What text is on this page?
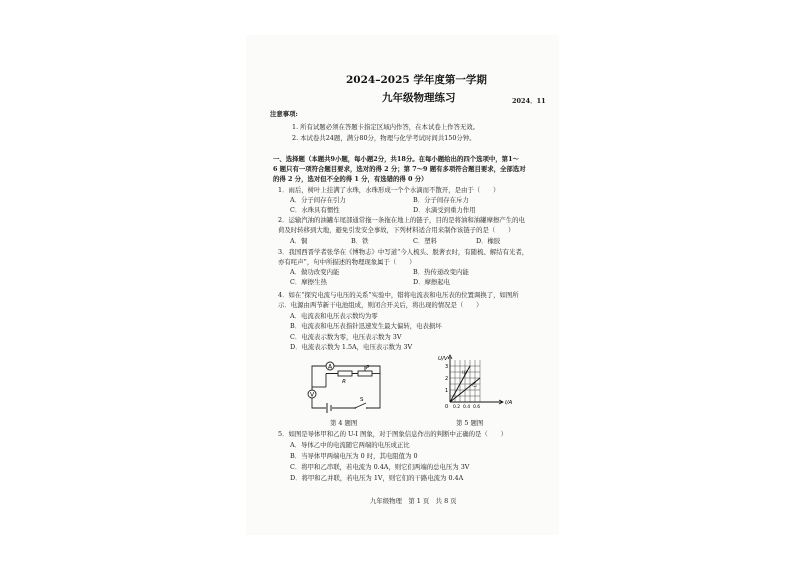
2024–2025 学年度第一学期
九年级物理练习	2024．11
注意事项:
1. 所有试题必须在答题卡指定区域内作答，在本试卷上作答无效。
2. 本试卷共24题，满分80分，物理与化学考试时间共150分钟。
一、选择题（本题共9小题，每小题2分，共18分。在每小题给出的四个选项中，第1～
6 题只有一项符合题目要求，选对的得 2 分；第 7～9 题有多项符合题目要求，全部选对
的得 2 分，选对但不全的得 1 分，有选错的得 0 分）
1．雨后，树叶上挂满了水珠，水珠形成一个个水滴而不散开，是由于（　　）
A．分子间存在引力	B．分子间存在斥力
C．水珠具有惯性	D．水滴受到重力作用
2．运输汽油的油罐车尾部通常拖一条拖在地上的链子，目的是将油和油罐摩擦产生的电
荷及时转移到大地，避免引发安全事故，下列材料适合用来制作该链子的是（　　）
A．铜	B．铁	C．塑料	D．橡胶
3．我国西晋学者张华在《博物志》中写道“今人梳头、脱著衣时，有随梳、解结有光者，
亦有咤声”，句中所描述的物理现象属于（　　）
A．做功改变内能	B．热传递改变内能
C．摩擦生热	D．摩擦起电
4．如在“探究电流与电压的关系”实验中，错将电流表和电压表的位置调换了，如图所
示．电源由两节新干电池组成，则闭合开关后，将出现的情况是（　　）
A．电流表和电压表示数均为零
B．电流表和电压表指针迅速发生最大偏转，电表损坏
C．电流表示数为零，电压表示数为 3V
D．电流表示数为 1.5A，电压表示数为 3V
A
R
P
V
S
第 4 题图
U/V
I/A
3
2
1
0 0.2 0.4 0.6
甲
乙
第 5 题图
5．如图是导体甲和乙的 U-I 图象，对于图象信息作出的判断中正确的是（　　）
A．导体乙中的电流随它两端的电压成正比
B．当导体甲两端电压为 0 时，其电阻值为 0
C．将甲和乙串联，若电流为 0.4A，则它们两端的总电压为 3V
D．将甲和乙并联，若电压为 1V，则它们的干路电流为 0.4A
九年级物理　第 1 页　共 8 页
